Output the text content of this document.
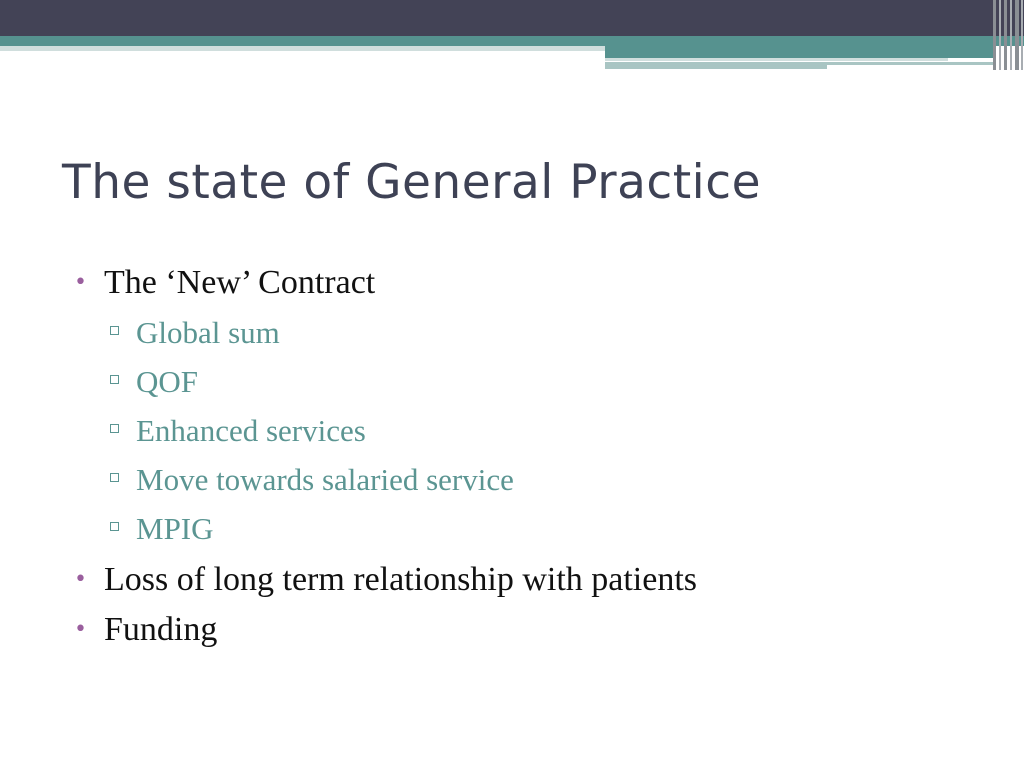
The state of General Practice
• The ‘New’ Contract
Global sum
QOF
Enhanced services
Move towards salaried service
MPIG
• Loss of long term relationship with patients
• Funding
